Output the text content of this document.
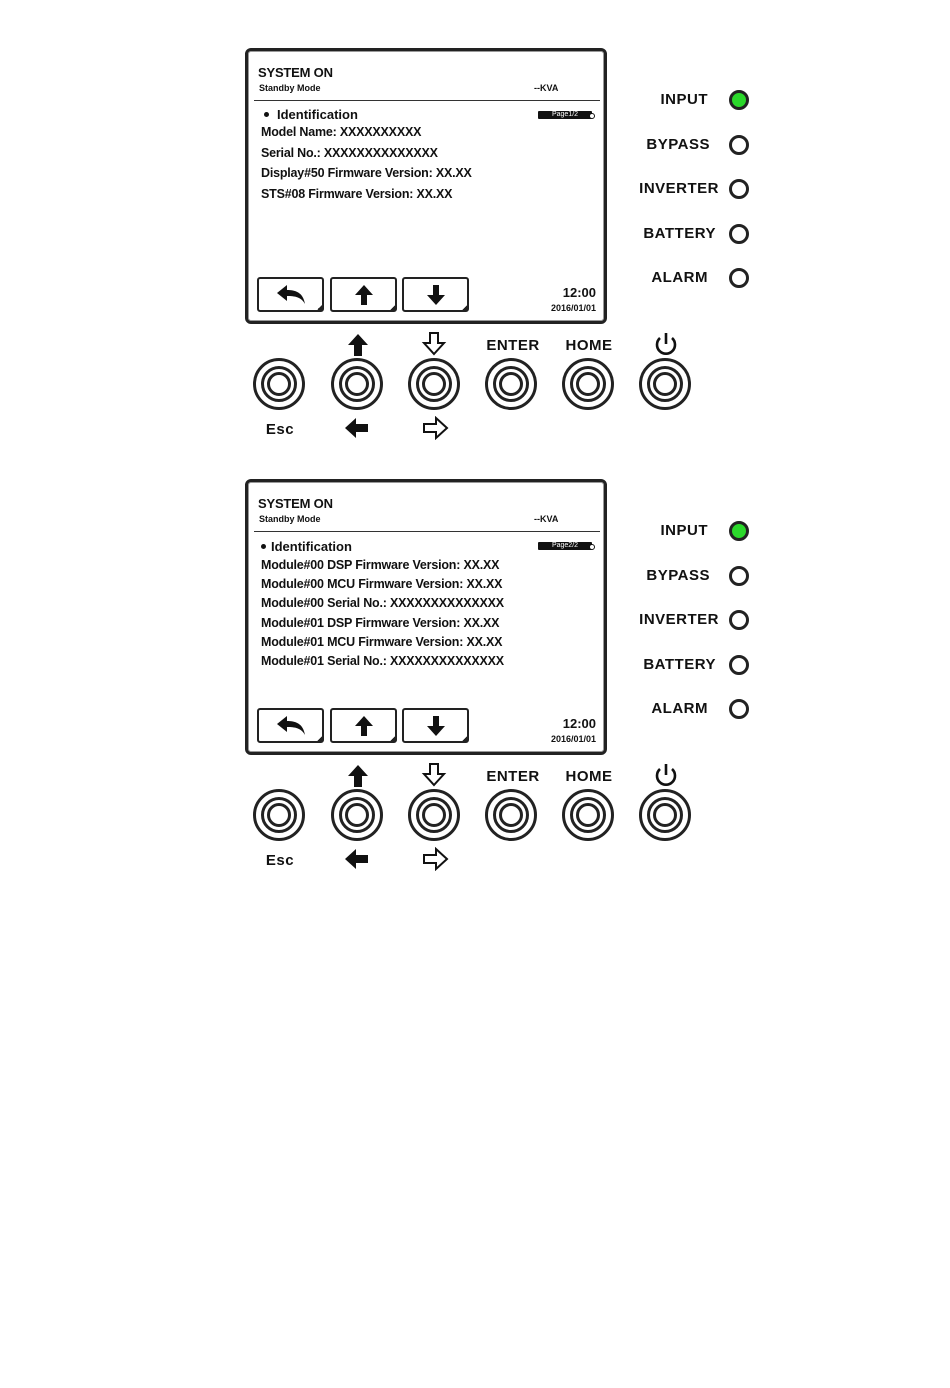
SYSTEM ON
Standby Mode	--KVA
Identification	Page1/2
Model Name: XXXXXXXXXX
Serial No.: XXXXXXXXXXXXXX
Display#50 Firmware Version: XX.XX
STS#08 Firmware Version: XX.XX
12:00
2016/01/01
INPUT
BYPASS
INVERTER
BATTERY
ALARM
ENTER HOME
Esc
SYSTEM ON
Standby Mode	--KVA
Identification	Page2/2
Module#00 DSP Firmware Version: XX.XX
Module#00 MCU Firmware Version: XX.XX
Module#00 Serial No.: XXXXXXXXXXXXXX
Module#01 DSP Firmware Version: XX.XX
Module#01 MCU Firmware Version: XX.XX
Module#01 Serial No.: XXXXXXXXXXXXXX
12:00
2016/01/01
INPUT
BYPASS
INVERTER
BATTERY
ALARM
ENTER HOME
Esc
